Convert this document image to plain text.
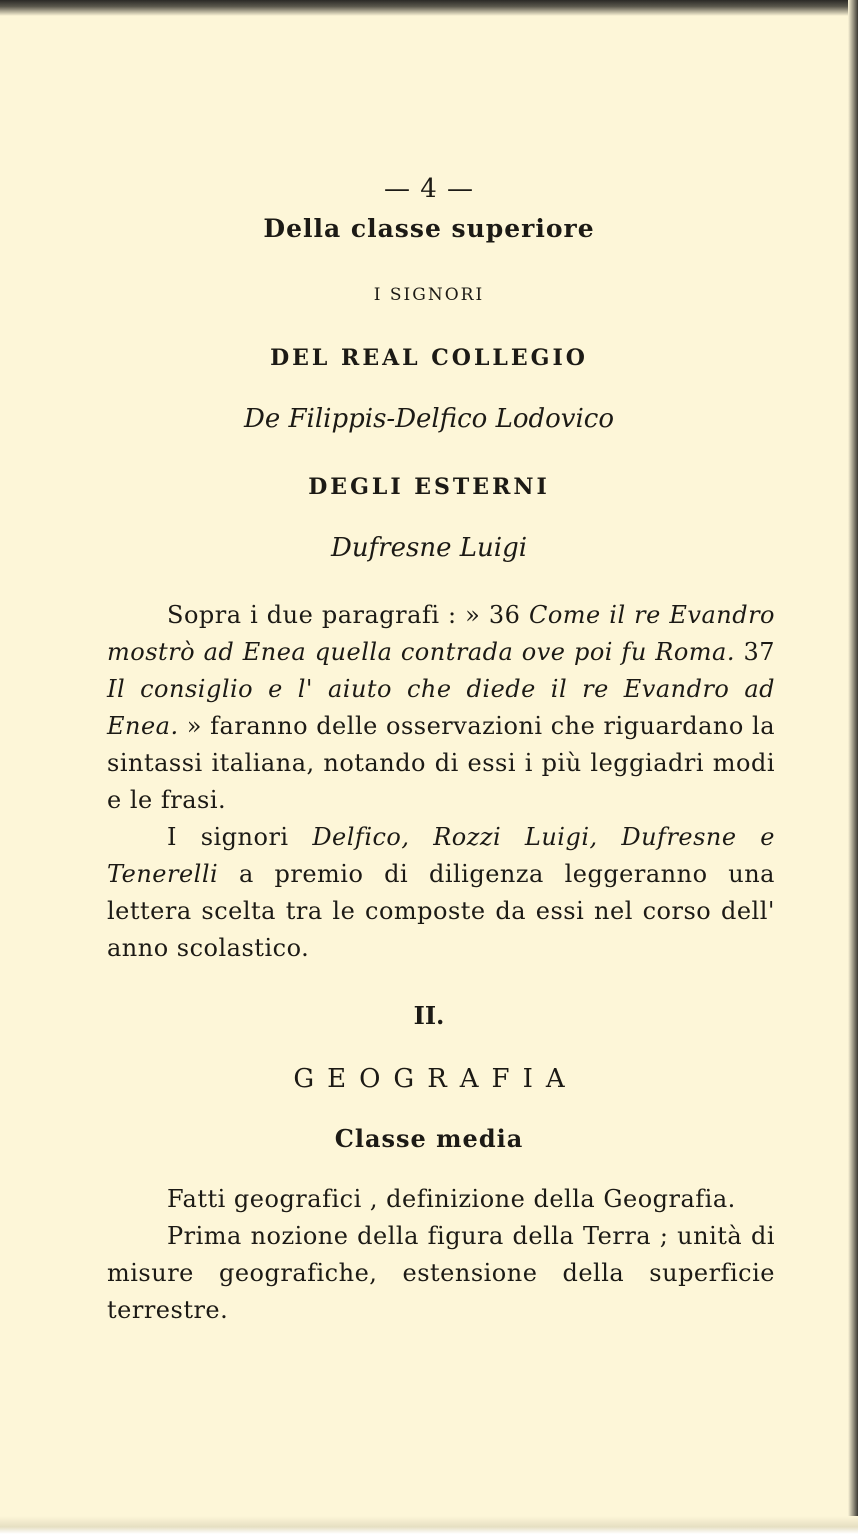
— 4 —
Della classe superiore
I SIGNORI
DEL REAL COLLEGIO
De Filippis-Delfico Lodovico
DEGLI ESTERNI
Dufresne Luigi
Sopra i due paragrafi : » 36 Come il re Evandro mostrò ad Enea quella contrada ove poi fu Roma. 37 Il consiglio e l' aiuto che diede il re Evandro ad Enea. » faranno delle osservazioni che riguardano la sintassi italiana, notando di essi i più leggiadri modi e le frasi.
I signori Delfico, Rozzi Luigi, Dufresne e Tenerelli a premio di diligenza leggeranno una lettera scelta tra le composte da essi nel corso dell' anno scolastico.
II.
GEOGRAFIA
Classe media
Fatti geografici , definizione della Geografia.
Prima nozione della figura della Terra ; unità di misure geografiche, estensione della superficie terrestre.
